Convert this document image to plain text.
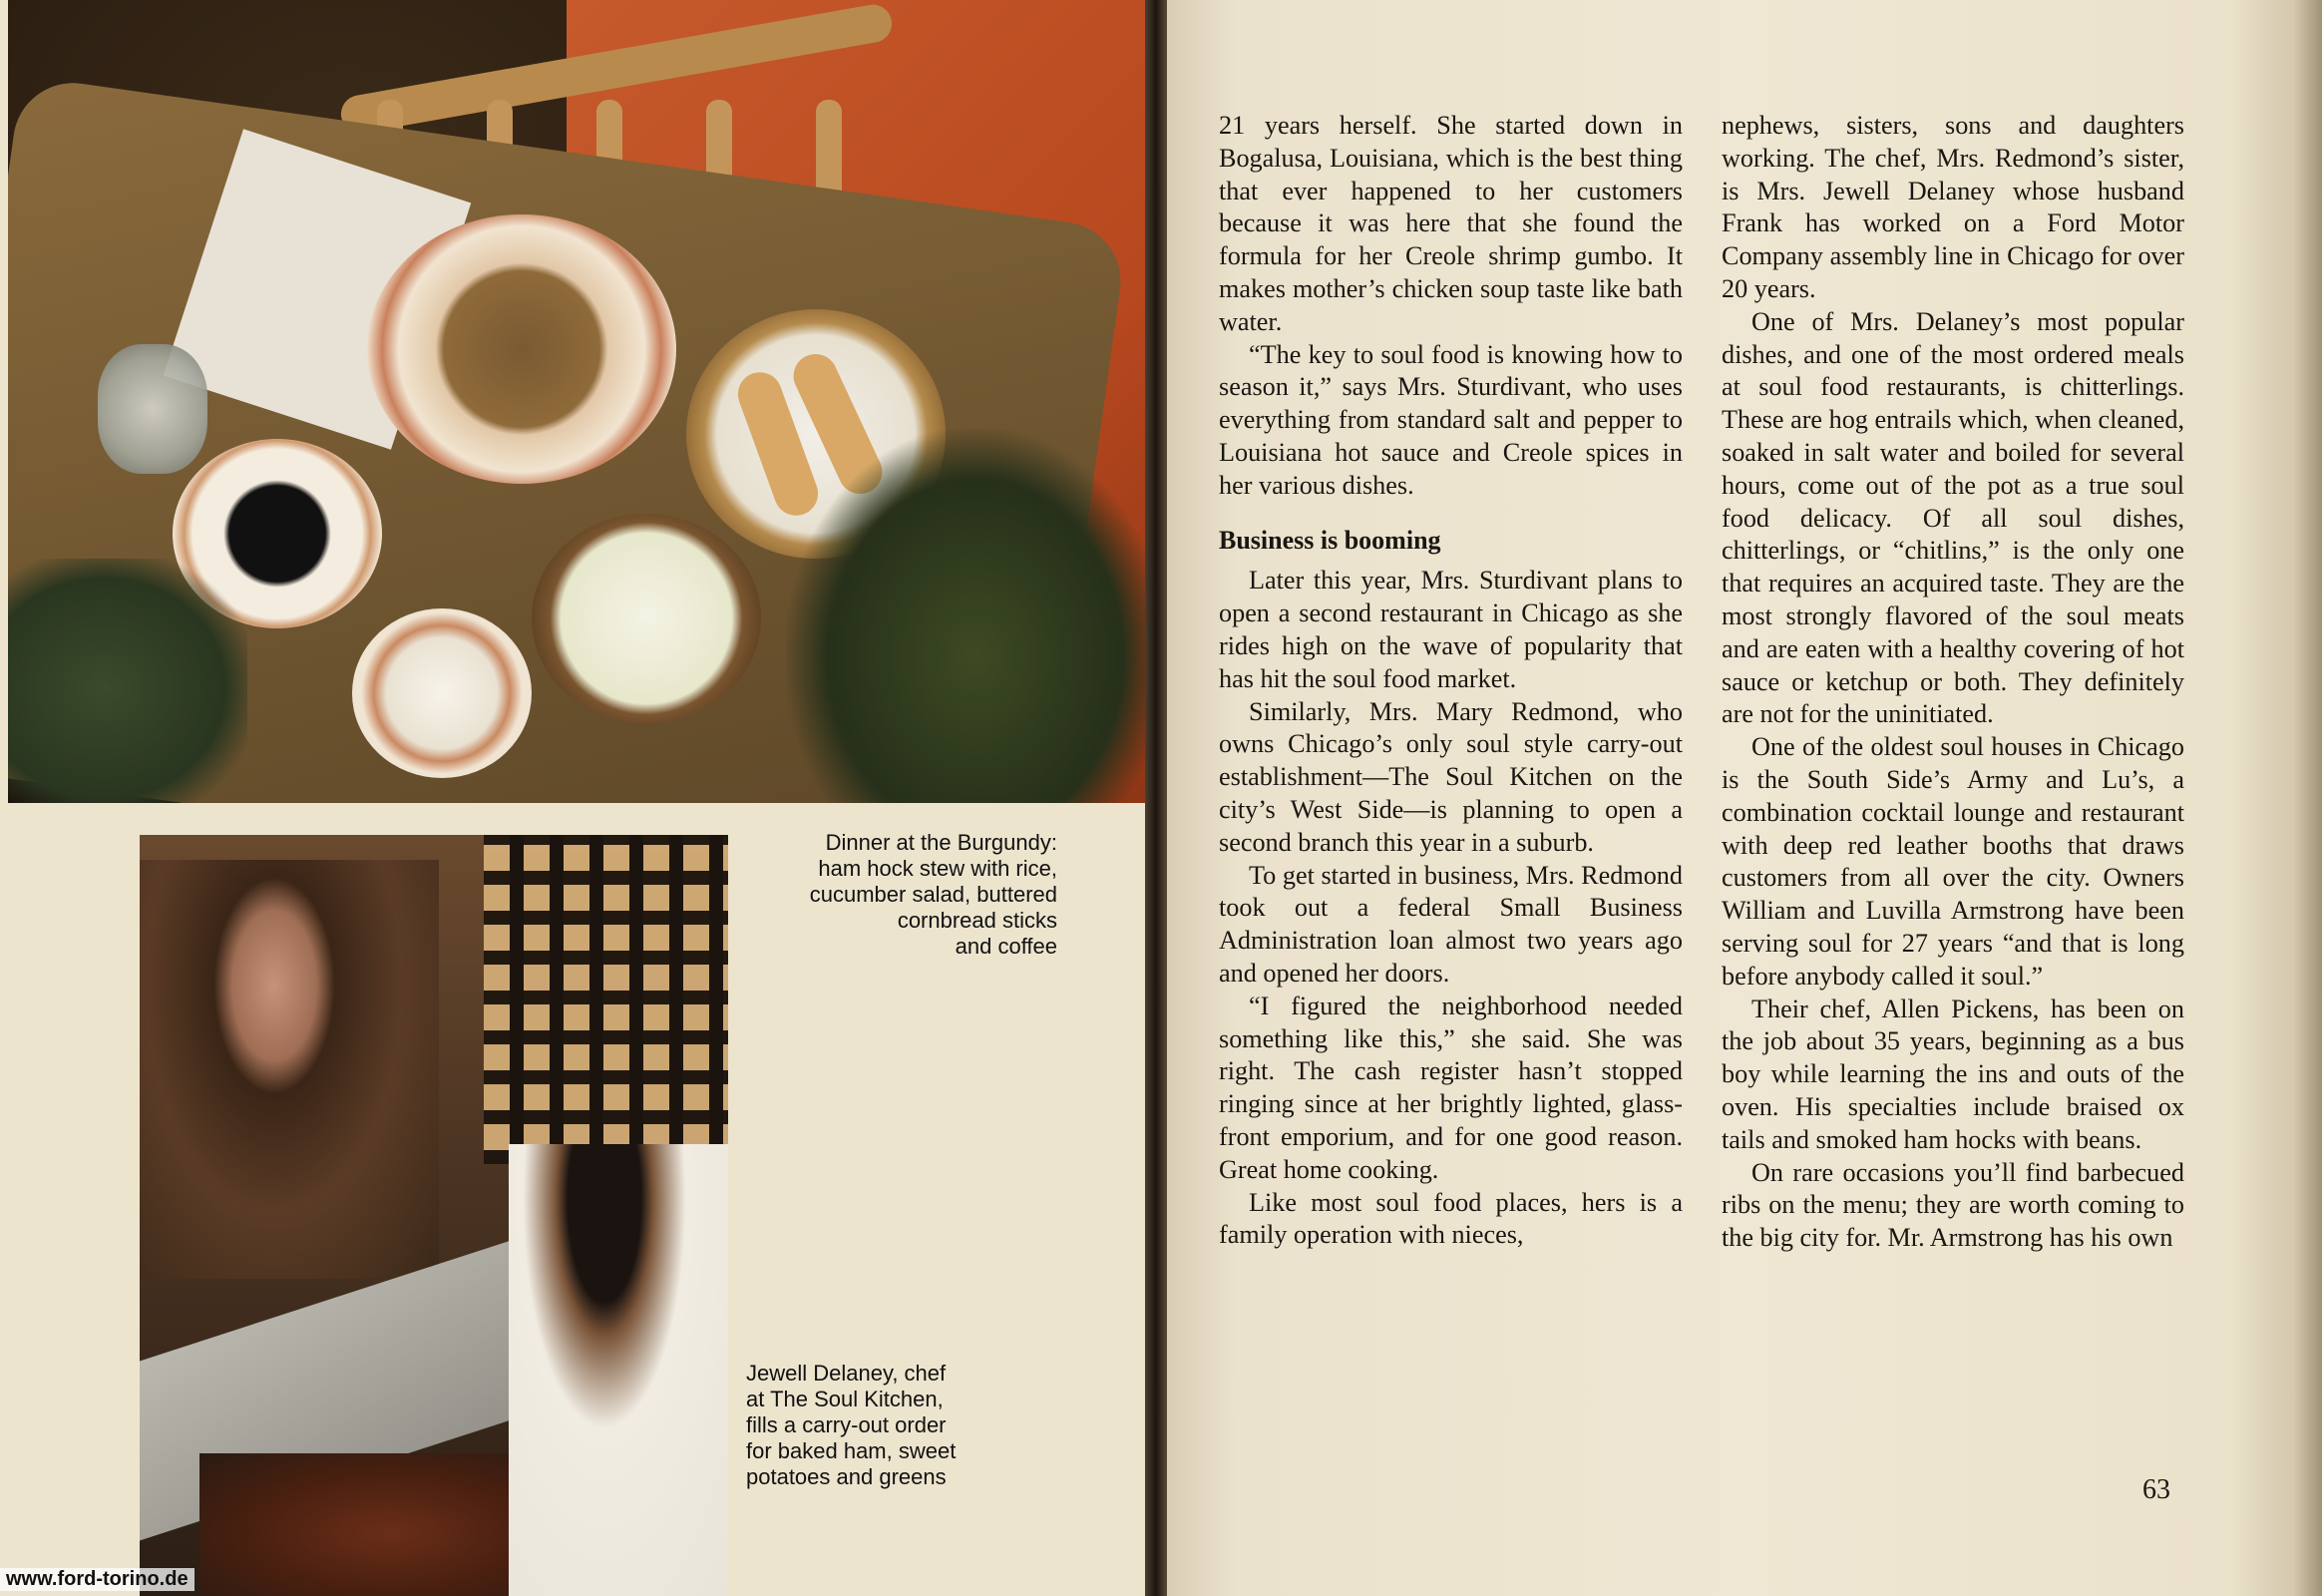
Dinner at the Burgundy:
ham hock stew with rice,
cucumber salad, buttered
cornbread sticks
and coffee
Jewell Delaney, chef
at The Soul Kitchen,
fills a carry-out order
for baked ham, sweet
potatoes and greens
www.ford-torino.de

21 years herself. She started down in Bogalusa, Louisiana, which is the best thing that ever happened to her customers because it was here that she found the formula for her Creole shrimp gumbo. It makes mother’s chicken soup taste like bath water.

“The key to soul food is knowing how to season it,” says Mrs. Sturdivant, who uses everything from standard salt and pepper to Louisiana hot sauce and Creole spices in her various dishes.

Business is booming

Later this year, Mrs. Sturdivant plans to open a second restaurant in Chicago as she rides high on the wave of popularity that has hit the soul food market.

Similarly, Mrs. Mary Redmond, who owns Chicago’s only soul style carry-out establishment—The Soul Kitchen on the city’s West Side—is planning to open a second branch this year in a suburb.

To get started in business, Mrs. Redmond took out a federal Small Business Administration loan almost two years ago and opened her doors.

“I figured the neighborhood needed something like this,” she said. She was right. The cash register hasn’t stopped ringing since at her brightly lighted, glass-front emporium, and for one good reason. Great home cooking.

Like most soul food places, hers is a family operation with nieces,

nephews, sisters, sons and daughters working. The chef, Mrs. Redmond’s sister, is Mrs. Jewell Delaney whose husband Frank has worked on a Ford Motor Company assembly line in Chicago for over 20 years.

One of Mrs. Delaney’s most popular dishes, and one of the most ordered meals at soul food restaurants, is chitterlings. These are hog entrails which, when cleaned, soaked in salt water and boiled for several hours, come out of the pot as a true soul food delicacy. Of all soul dishes, chitterlings, or “chitlins,” is the only one that requires an acquired taste. They are the most strongly flavored of the soul meats and are eaten with a healthy covering of hot sauce or ketchup or both. They definitely are not for the uninitiated.

One of the oldest soul houses in Chicago is the South Side’s Army and Lu’s, a combination cocktail lounge and restaurant with deep red leather booths that draws customers from all over the city. Owners William and Luvilla Armstrong have been serving soul for 27 years “and that is long before anybody called it soul.”

Their chef, Allen Pickens, has been on the job about 35 years, beginning as a bus boy while learning the ins and outs of the oven. His specialties include braised ox tails and smoked ham hocks with beans.

On rare occasions you’ll find barbecued ribs on the menu; they are worth coming to the big city for. Mr. Armstrong has his own

63
